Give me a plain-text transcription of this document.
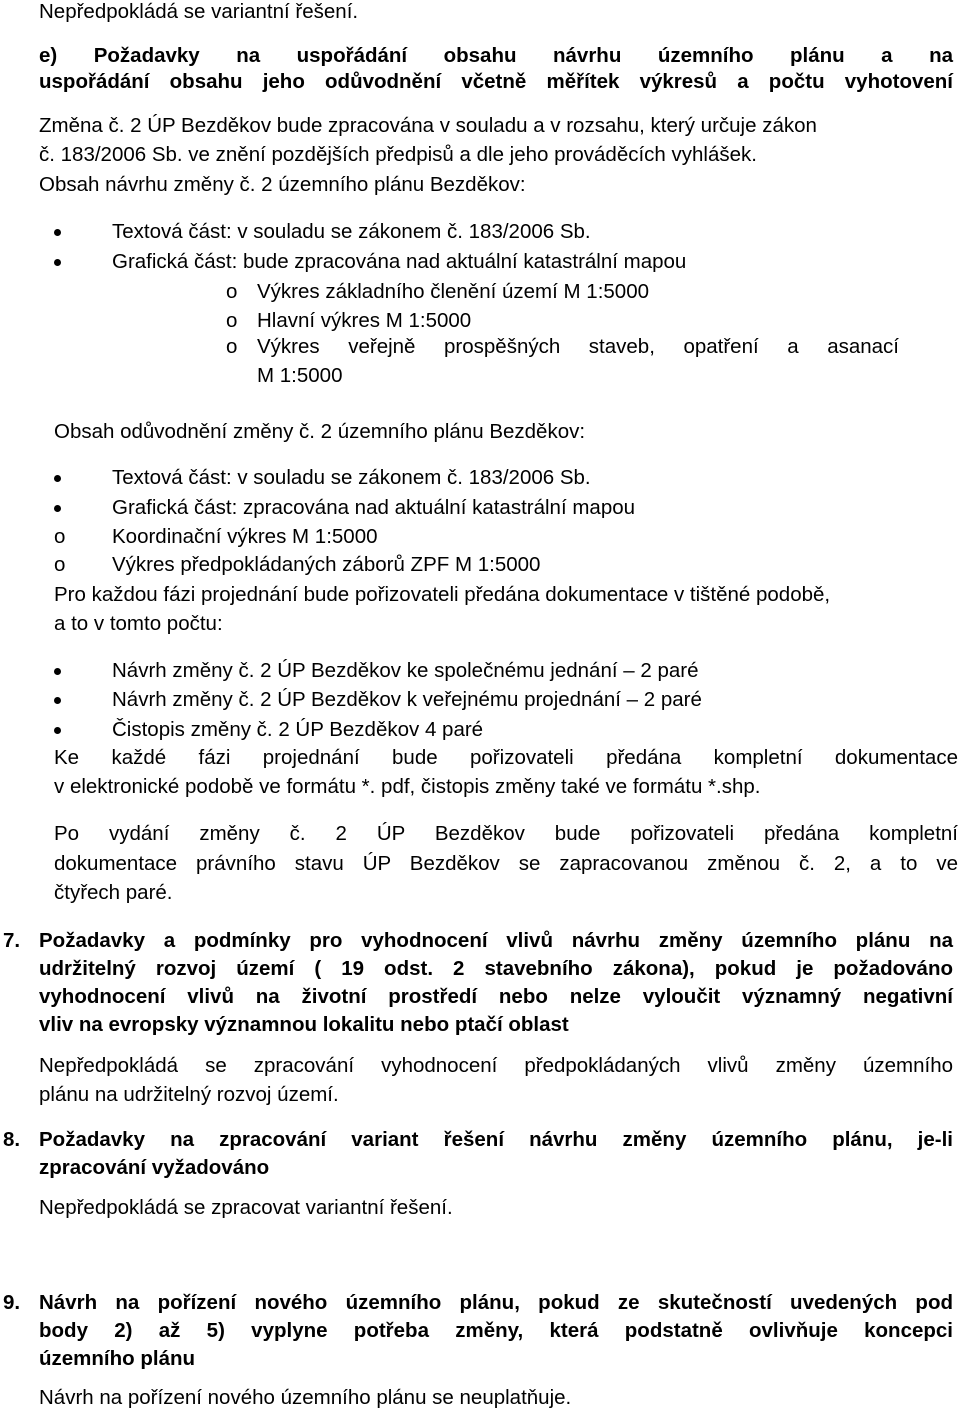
Nepředpokládá se variantní řešení.
e) Požadavky na uspořádání obsahu návrhu územního plánu a na
uspořádání obsahu jeho odůvodnění včetně měřítek výkresů a počtu vyhotovení
Změna č. 2 ÚP Bezděkov bude zpracována v souladu a v rozsahu, který určuje zákon
č. 183/2006 Sb. ve znění pozdějších předpisů a dle jeho prováděcích vyhlášek.
Obsah návrhu změny č. 2 územního plánu Bezděkov:
Textová část: v souladu se zákonem č. 183/2006 Sb.
Grafická část: bude zpracována nad aktuální katastrální mapou
o Výkres základního členění území M 1:5000
o Hlavní výkres M 1:5000
o Výkres veřejně prospěšných staveb, opatření a asanací
M 1:5000
Obsah odůvodnění změny č. 2 územního plánu Bezděkov:
Textová část: v souladu se zákonem č. 183/2006 Sb.
Grafická část: zpracována nad aktuální katastrální mapou
o Koordinační výkres M 1:5000
o Výkres předpokládaných záborů ZPF M 1:5000
Pro každou fázi projednání bude pořizovateli předána dokumentace v tištěné podobě,
a to v tomto počtu:
Návrh změny č. 2 ÚP Bezděkov ke společnému jednání – 2 paré
Návrh změny č. 2 ÚP Bezděkov k veřejnému projednání – 2 paré
Čistopis změny č. 2 ÚP Bezděkov 4 paré
Ke každé fázi projednání bude pořizovateli předána kompletní dokumentace
v elektronické podobě ve formátu *. pdf, čistopis změny také ve formátu *.shp.
Po vydání změny č. 2 ÚP Bezděkov bude pořizovateli předána kompletní
dokumentace právního stavu ÚP Bezděkov se zapracovanou změnou č. 2, a to ve
čtyřech paré.
7. Požadavky a podmínky pro vyhodnocení vlivů návrhu změny územního plánu na
udržitelný rozvoj území ( 19 odst. 2 stavebního zákona), pokud je požadováno
vyhodnocení vlivů na životní prostředí nebo nelze vyloučit významný negativní
vliv na evropsky významnou lokalitu nebo ptačí oblast
Nepředpokládá se zpracování vyhodnocení předpokládaných vlivů změny územního
plánu na udržitelný rozvoj území.
8. Požadavky na zpracování variant řešení návrhu změny územního plánu, je-li
zpracování vyžadováno
Nepředpokládá se zpracovat variantní řešení.
9. Návrh na pořízení nového územního plánu, pokud ze skutečností uvedených pod
body 2) až 5) vyplyne potřeba změny, která podstatně ovlivňuje koncepci
územního plánu
Návrh na pořízení nového územního plánu se neuplatňuje.
